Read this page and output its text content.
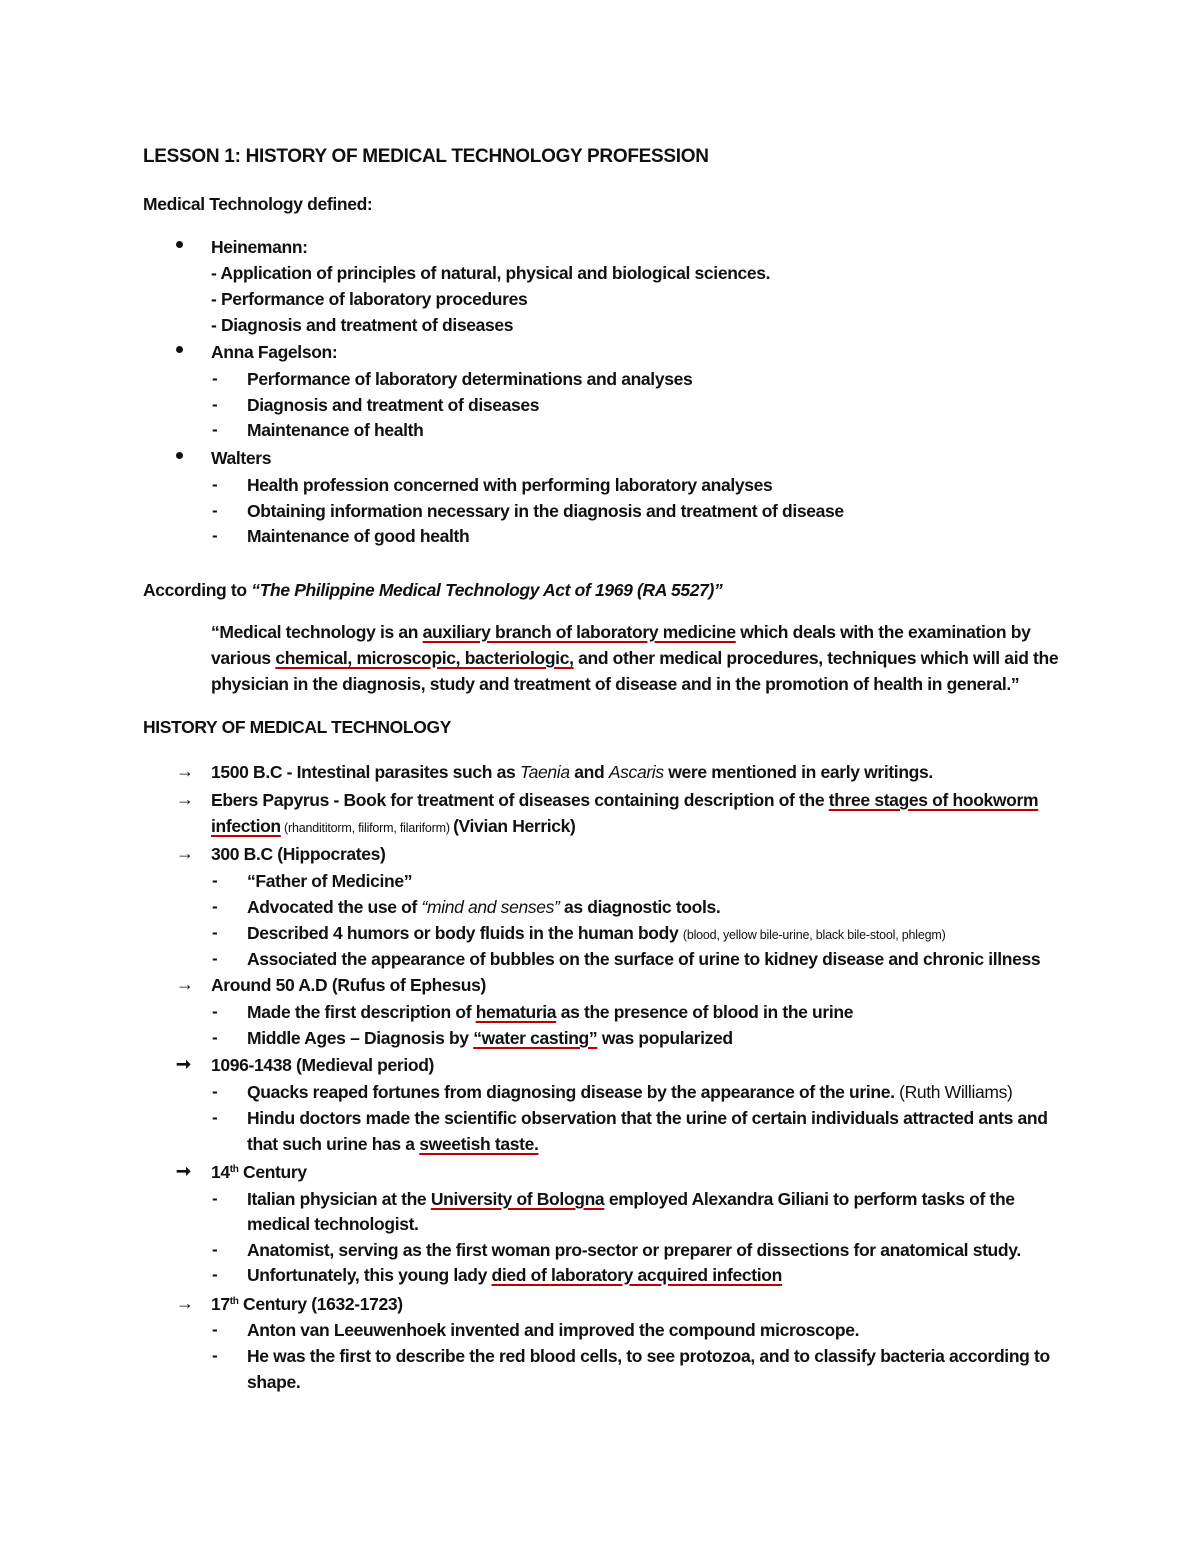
LESSON 1: HISTORY OF MEDICAL TECHNOLOGY PROFESSION
Medical Technology defined:
Heinemann:
- Application of principles of natural, physical and biological sciences.
- Performance of laboratory procedures
- Diagnosis and treatment of diseases
Anna Fagelson:
- Performance of laboratory determinations and analyses
- Diagnosis and treatment of diseases
- Maintenance of health
Walters
- Health profession concerned with performing laboratory analyses
- Obtaining information necessary in the diagnosis and treatment of disease
- Maintenance of good health
According to “The Philippine Medical Technology Act of 1969 (RA 5527)”
“Medical technology is an auxiliary branch of laboratory medicine which deals with the examination by
various chemical, microscopic, bacteriologic, and other medical procedures, techniques which will aid the
physician in the diagnosis, study and treatment of disease and in the promotion of health in general.”
HISTORY OF MEDICAL TECHNOLOGY
→ 1500 B.C - Intestinal parasites such as Taenia and Ascaris were mentioned in early writings.
→ Ebers Papyrus - Book for treatment of diseases containing description of the three stages of hookworm
infection (rhandititorm, filiform, filariform) (Vivian Herrick)
→ 300 B.C (Hippocrates)
- “Father of Medicine”
- Advocated the use of “mind and senses” as diagnostic tools.
- Described 4 humors or body fluids in the human body (blood, yellow bile-urine, black bile-stool, phlegm)
- Associated the appearance of bubbles on the surface of urine to kidney disease and chronic illness
→ Around 50 A.D (Rufus of Ephesus)
- Made the first description of hematuria as the presence of blood in the urine
- Middle Ages – Diagnosis by “water casting” was popularized
➞ 1096-1438 (Medieval period)
- Quacks reaped fortunes from diagnosing disease by the appearance of the urine. (Ruth Williams)
- Hindu doctors made the scientific observation that the urine of certain individuals attracted ants and
that such urine has a sweetish taste.
➞ 14th Century
- Italian physician at the University of Bologna employed Alexandra Giliani to perform tasks of the
medical technologist.
- Anatomist, serving as the first woman pro-sector or preparer of dissections for anatomical study.
- Unfortunately, this young lady died of laboratory acquired infection
→ 17th Century (1632-1723)
- Anton van Leeuwenhoek invented and improved the compound microscope.
- He was the first to describe the red blood cells, to see protozoa, and to classify bacteria according to
shape.
